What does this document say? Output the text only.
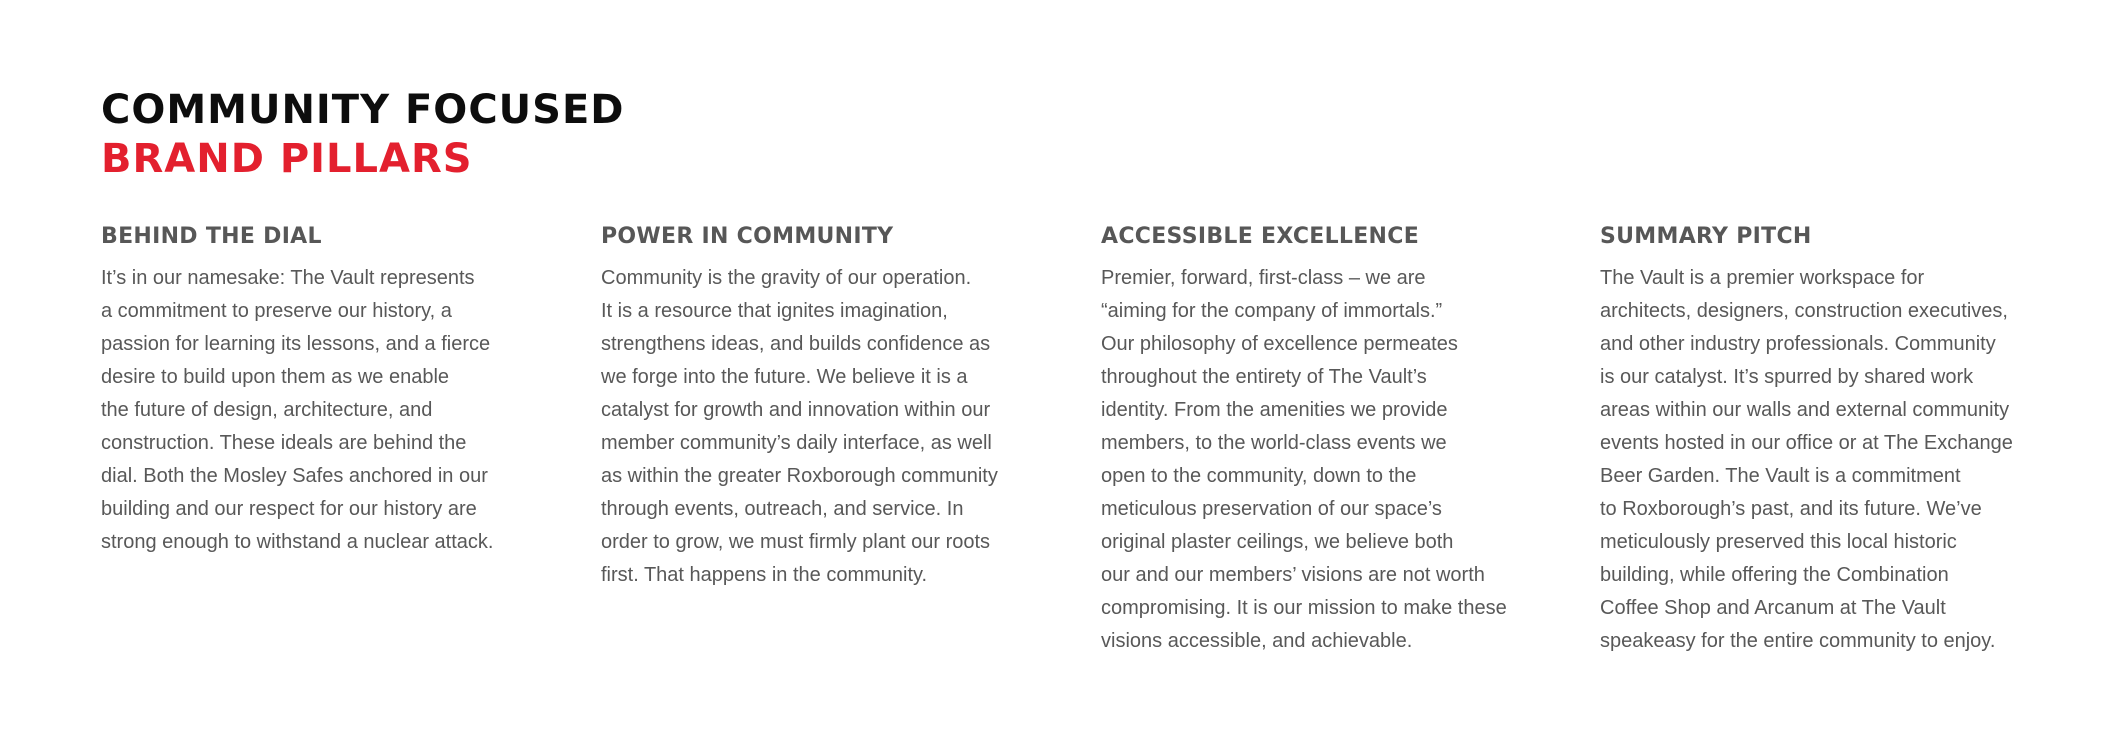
COMMUNITY FOCUSED
BRAND PILLARS
BEHIND THE DIAL
It’s in our namesake: The Vault represents
a commitment to preserve our history, a
passion for learning its lessons, and a fierce
desire to build upon them as we enable
the future of design, architecture, and
construction. These ideals are behind the
dial. Both the Mosley Safes anchored in our
building and our respect for our history are
strong enough to withstand a nuclear attack.
POWER IN COMMUNITY
Community is the gravity of our operation.
It is a resource that ignites imagination,
strengthens ideas, and builds confidence as
we forge into the future. We believe it is a
catalyst for growth and innovation within our
member community’s daily interface, as well
as within the greater Roxborough community
through events, outreach, and service. In
order to grow, we must firmly plant our roots
first. That happens in the community.
ACCESSIBLE EXCELLENCE
Premier, forward, first-class – we are
“aiming for the company of immortals.”
Our philosophy of excellence permeates
throughout the entirety of The Vault’s
identity. From the amenities we provide
members, to the world-class events we
open to the community, down to the
meticulous preservation of our space’s
original plaster ceilings, we believe both
our and our members’ visions are not worth
compromising. It is our mission to make these
visions accessible, and achievable.
SUMMARY PITCH
The Vault is a premier workspace for
architects, designers, construction executives,
and other industry professionals. Community
is our catalyst. It’s spurred by shared work
areas within our walls and external community
events hosted in our office or at The Exchange
Beer Garden. The Vault is a commitment
to Roxborough’s past, and its future. We’ve
meticulously preserved this local historic
building, while offering the Combination
Coffee Shop and Arcanum at The Vault
speakeasy for the entire community to enjoy.
